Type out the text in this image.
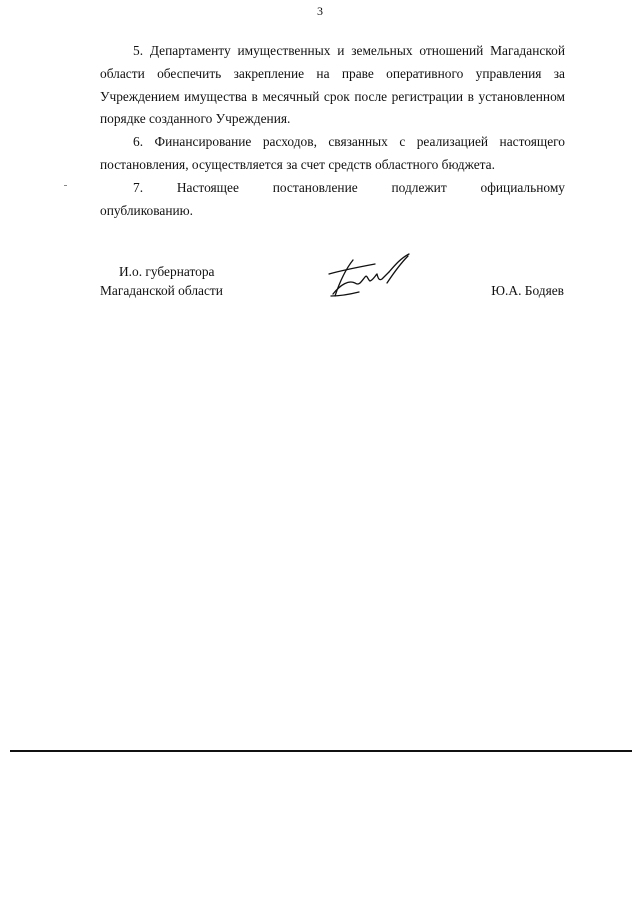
3

5. Департаменту имущественных и земельных отношений Магаданской области обеспечить закрепление на праве оперативного управления за Учреждением имущества в месячный срок после регистрации в установленном порядке созданного Учреждения.

6. Финансирование расходов, связанных с реализацией настоящего постановления, осуществляется за счет средств областного бюджета.

7. Настоящее постановление подлежит официальному

опубликованию.

И.о. губернатора
Магаданской области	Ю.А. Бодяев
